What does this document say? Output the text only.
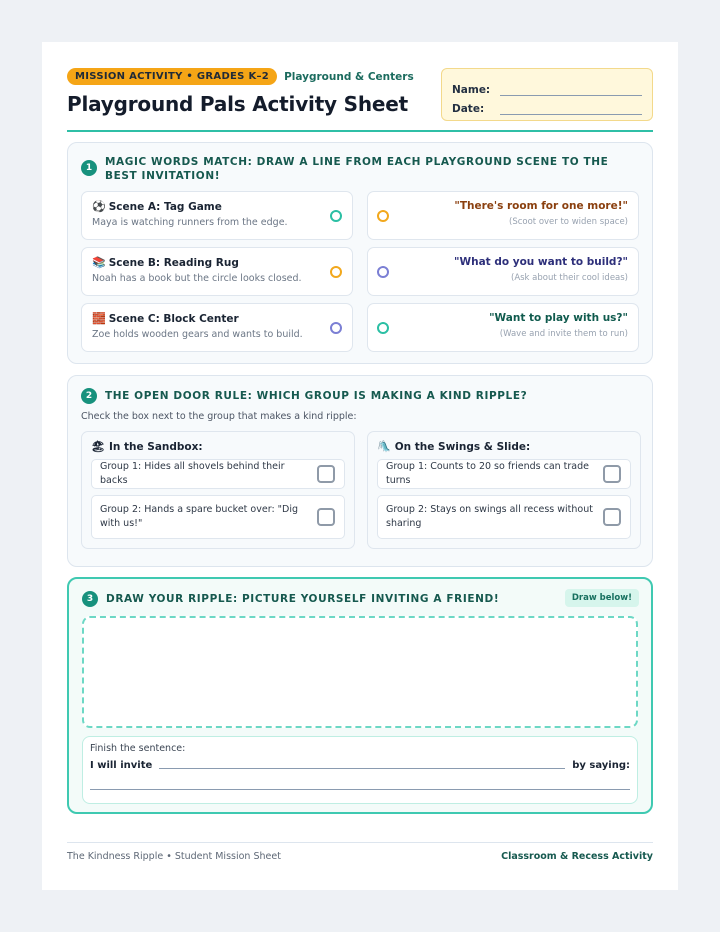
MISSION ACTIVITY • GRADES K–2	Playground & Centers
Playground Pals Activity Sheet
Name:
Date:
1	MAGIC WORDS MATCH: DRAW A LINE FROM EACH PLAYGROUND SCENE TO THE BEST INVITATION!
⚽ Scene A: Tag Game
Maya is watching runners from the edge.
"There's room for one more!"
(Scoot over to widen space)
📚 Scene B: Reading Rug
Noah has a book but the circle looks closed.
"What do you want to build?"
(Ask about their cool ideas)
🧱 Scene C: Block Center
Zoe holds wooden gears and wants to build.
"Want to play with us?"
(Wave and invite them to run)
2	THE OPEN DOOR RULE: WHICH GROUP IS MAKING A KIND RIPPLE?
Check the box next to the group that makes a kind ripple:
🏖 In the Sandbox:
Group 1: Hides all shovels behind their backs
Group 2: Hands a spare bucket over: "Dig with us!"
🛝 On the Swings & Slide:
Group 1: Counts to 20 so friends can trade turns
Group 2: Stays on swings all recess without sharing
3	DRAW YOUR RIPPLE: PICTURE YOURSELF INVITING A FRIEND!	Draw below!
Finish the sentence:
I will invite	by saying:
The Kindness Ripple • Student Mission Sheet	Classroom & Recess Activity
